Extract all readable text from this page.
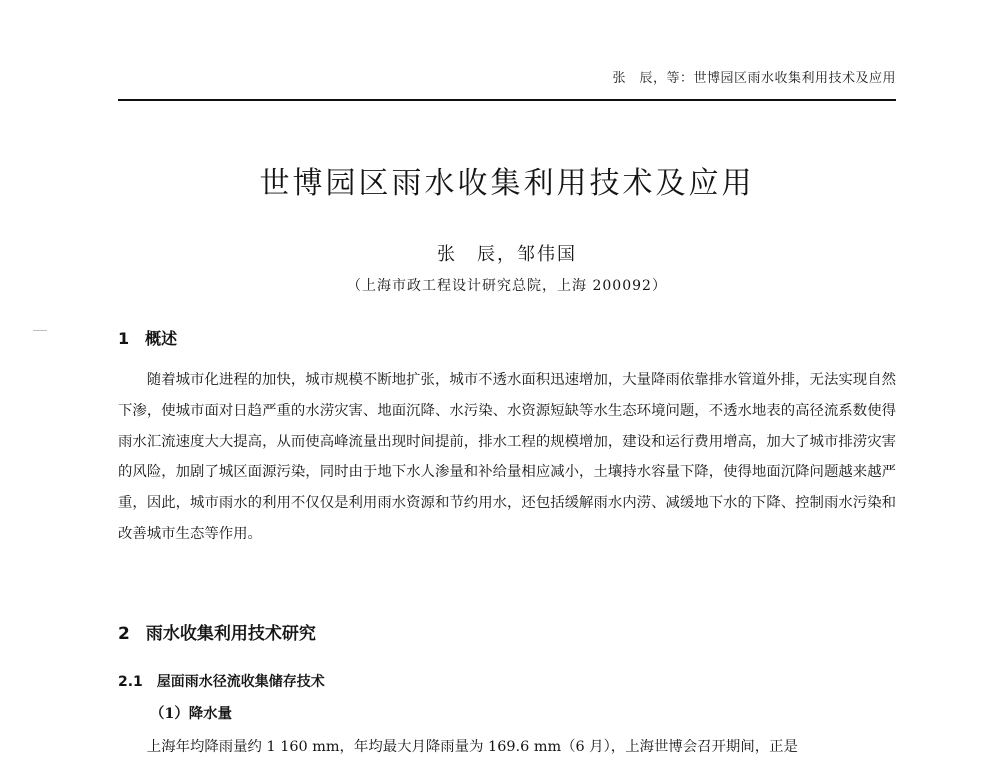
张　辰，等：世博园区雨水收集利用技术及应用
世博园区雨水收集利用技术及应用
张　辰，邹伟国
（上海市政工程设计研究总院，上海 200092）
1 概述

随着城市化进程的加快，城市规模不断地扩张，城市不透水面积迅速增加，大量降雨依靠排水管道外排，无法实现自然下渗，使城市面对日趋严重的水涝灾害、地面沉降、水污染、水资源短缺等水生态环境问题，不透水地表的高径流系数使得雨水汇流速度大大提高，从而使高峰流量出现时间提前，排水工程的规模增加，建设和运行费用增高，加大了城市排涝灾害的风险，加剧了城区面源污染，同时由于地下水人渗量和补给量相应减小，土壤持水容量下降，使得地面沉降问题越来越严重，因此，城市雨水的利用不仅仅是利用雨水资源和节约用水，还包括缓解雨水内涝、减缓地下水的下降、控制雨水污染和改善城市生态等作用。

2 雨水收集利用技术研究
2.1 屋面雨水径流收集储存技术
（1）降水量

上海年均降雨量约 1 160 mm，年均最大月降雨量为 169.6 mm（6 月），上海世博会召开期间，正是
